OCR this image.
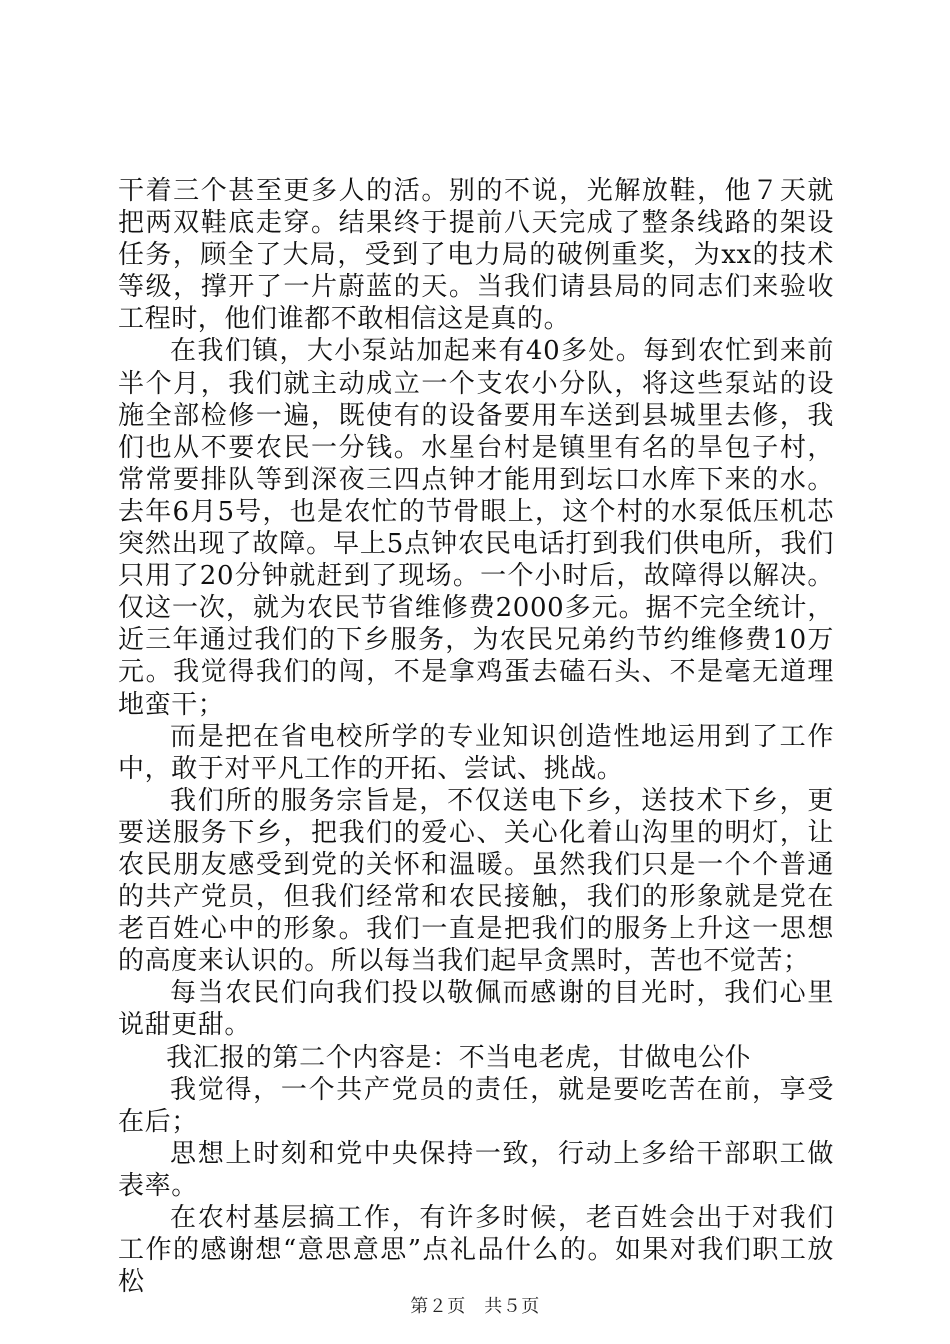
干着三个甚至更多人的活。别的不说，光解放鞋，他７天就把两双鞋底走穿。结果终于提前八天完成了整条线路的架设任务，顾全了大局，受到了电力局的破例重奖，为xx的技术等级，撑开了一片蔚蓝的天。当我们请县局的同志们来验收工程时，他们谁都不敢相信这是真的。

在我们镇，大小泵站加起来有40多处。每到农忙到来前半个月，我们就主动成立一个支农小分队，将这些泵站的设施全部检修一遍，既使有的设备要用车送到县城里去修，我们也从不要农民一分钱。水星台村是镇里有名的旱包子村，常常要排队等到深夜三四点钟才能用到坛口水库下来的水。去年6月5号，也是农忙的节骨眼上，这个村的水泵低压机芯突然出现了故障。早上5点钟农民电话打到我们供电所，我们只用了20分钟就赶到了现场。一个小时后，故障得以解决。仅这一次，就为农民节省维修费2000多元。据不完全统计，近三年通过我们的下乡服务，为农民兄弟约节约维修费10万元。我觉得我们的闯，不是拿鸡蛋去磕石头、不是毫无道理地蛮干；

而是把在省电校所学的专业知识创造性地运用到了工作中，敢于对平凡工作的开拓、尝试、挑战。

我们所的服务宗旨是，不仅送电下乡，送技术下乡，更要送服务下乡，把我们的爱心、关心化着山沟里的明灯，让农民朋友感受到党的关怀和温暖。虽然我们只是一个个普通的共产党员，但我们经常和农民接触，我们的形象就是党在老百姓心中的形象。我们一直是把我们的服务上升这一思想的高度来认识的。所以每当我们起早贪黑时，苦也不觉苦；

每当农民们向我们投以敬佩而感谢的目光时，我们心里说甜更甜。

我汇报的第二个内容是：不当电老虎，甘做电公仆

我觉得，一个共产党员的责任，就是要吃苦在前，享受在后；

思想上时刻和党中央保持一致，行动上多给干部职工做表率。

在农村基层搞工作，有许多时候，老百姓会出于对我们工作的感谢想“意思意思”点礼品什么的。如果对我们职工放松

第２页　共５页
